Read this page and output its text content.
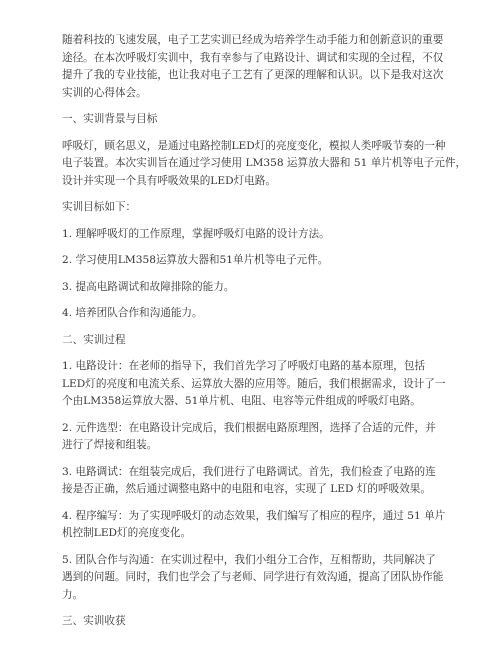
随着科技的飞速发展，电子工艺实训已经成为培养学生动手能力和创新意识的重要

途径。在本次呼吸灯实训中，我有幸参与了电路设计、调试和实现的全过程，不仅

提升了我的专业技能，也让我对电子工艺有了更深的理解和认识。以下是我对这次

实训的心得体会。

一、实训背景与目标

呼吸灯，顾名思义，是通过电路控制LED灯的亮度变化，模拟人类呼吸节奏的一种

电子装置。本次实训旨在通过学习使用 LM358 运算放大器和 51 单片机等电子元件，

设计并实现一个具有呼吸效果的LED灯电路。

实训目标如下：

1. 理解呼吸灯的工作原理，掌握呼吸灯电路的设计方法。

2. 学习使用LM358运算放大器和51单片机等电子元件。

3. 提高电路调试和故障排除的能力。

4. 培养团队合作和沟通能力。

二、实训过程

1. 电路设计：在老师的指导下，我们首先学习了呼吸灯电路的基本原理，包括

LED灯的亮度和电流关系、运算放大器的应用等。随后，我们根据需求，设计了一

个由LM358运算放大器、51单片机、电阻、电容等元件组成的呼吸灯电路。

2. 元件选型：在电路设计完成后，我们根据电路原理图，选择了合适的元件，并

进行了焊接和组装。

3. 电路调试：在组装完成后，我们进行了电路调试。首先，我们检查了电路的连

接是否正确，然后通过调整电路中的电阻和电容，实现了 LED 灯的呼吸效果。

4. 程序编写：为了实现呼吸灯的动态效果，我们编写了相应的程序，通过 51 单片

机控制LED灯的亮度变化。

5. 团队合作与沟通：在实训过程中，我们小组分工合作，互相帮助，共同解决了

遇到的问题。同时，我们也学会了与老师、同学进行有效沟通，提高了团队协作能

力。

三、实训收获
